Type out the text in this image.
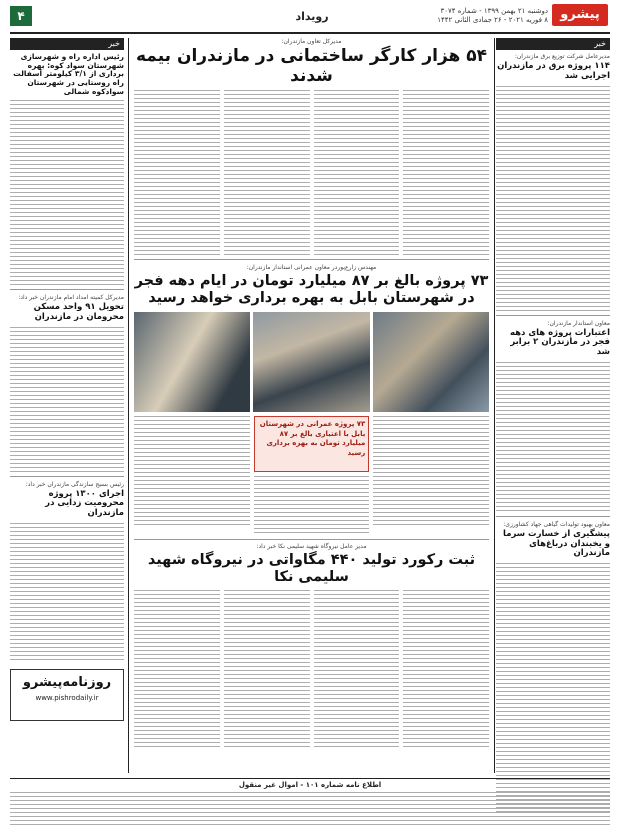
۴	رویداد	پیشرو
دوشنبه ۲۱ بهمن ۱۳۹۹ - شماره ۳۰۷۴
۸ فوریه ۲۰۲۱ - ۲۶ جمادی الثانی ۱۴۴۲
خبر
مدیرعامل شرکت توزیع برق مازندران:
۱۱۴ پروژه برق در مازندران اجرایی شد
معاون استاندار مازندران:
اعتبارات پروژه های دهه فجر در مازندران ۲ برابر شد
معاون بهبود تولیدات گیاهی جهاد کشاورزی:
پیشگیری از خسارت سرما و یخبندان درباغ‌های مازندران
مدیرکل تعاون مازندران:
۵۴ هزار کارگر ساختمانی در مازندران بیمه شدند
مهندس زارع‌پوردر معاون عمرانی استاندار مازندران:
۷۳ پروژه بالغ بر ۸۷ میلیارد تومان در ایام دهه فجر
در شهرستان بابل به بهره برداری خواهد رسید
۷۳ پروژه عمرانی در شهرستان بابل با اعتباری بالغ بر ۸۷ میلیارد تومان به بهره برداری رسید
مدیر عامل نیروگاه شهید سلیمی نکا خبر داد:
ثبت رکورد تولید ۴۴۰ مگاواتی در نیروگاه شهید سلیمی نکا
خبر
رئیس اداره راه و شهرسازی شهرستان سواد کوه: بهره برداری از ۳/۱ کیلومتر آسفالت راه روستایی در شهرستان سوادکوه شمالی
مدیرکل کمیته امداد امام مازندران خبر داد:
تحویل ۹۱ واحد مسکن محرومان در مازندران
رئیس بسیج سازندگی مازندران خبر داد:
اجرای ۱۳۰۰ پروژه محرومیت زدایی در مازندران
روزنامه‌پیشرو
www.pishrodaily.ir
اطلاع نامه شماره ۱۰۱ - اموال غیر منقول
